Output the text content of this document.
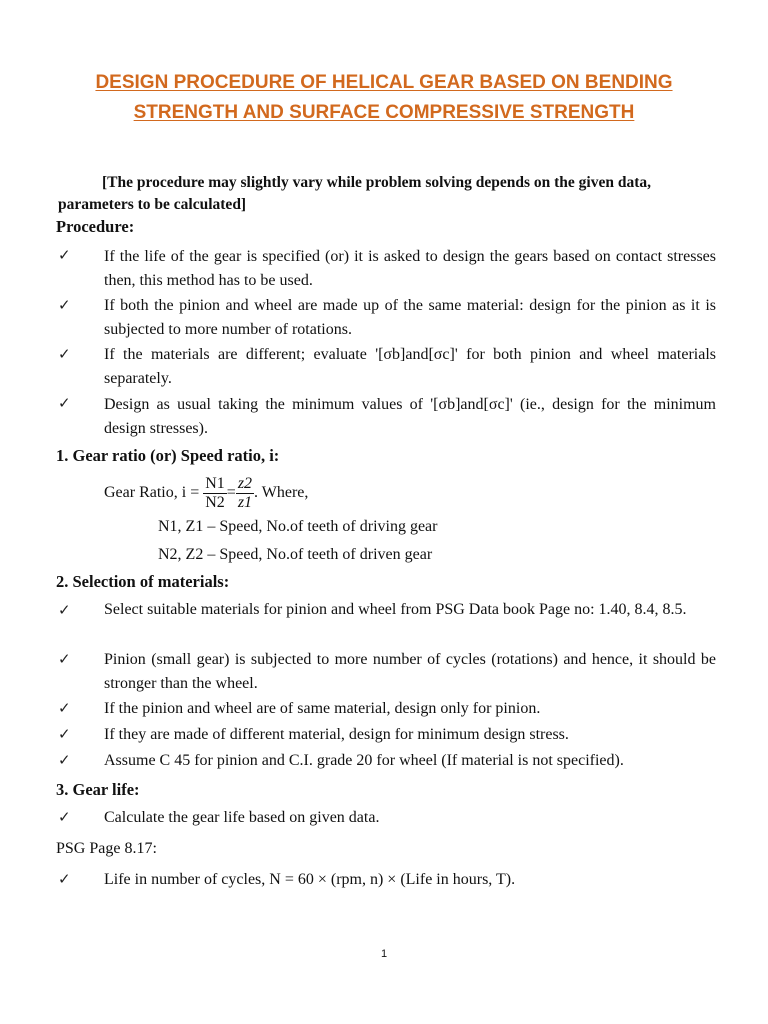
DESIGN PROCEDURE OF HELICAL GEAR BASED ON BENDING
STRENGTH AND SURFACE COMPRESSIVE STRENGTH
[The procedure may slightly vary while problem solving depends on the given data, parameters to be calculated]
Procedure:
✓ If the life of the gear is specified (or) it is asked to design the gears based on contact stresses then, this method has to be used.
✓ If both the pinion and wheel are made up of the same material: design for the pinion as it is subjected to more number of rotations.
✓ If the materials are different; evaluate '[σb]and[σc]' for both pinion and wheel materials separately.
✓ Design as usual taking the minimum values of '[σb]and[σc]' (ie., design for the minimum design stresses).
1. Gear ratio (or) Speed ratio, i:
Gear Ratio, $i = \frac{N1}{N2} = \frac{z2}{z1}$ . Where,
N1, Z1 – Speed, No.of teeth of driving gear
N2, Z2 – Speed, No.of teeth of driven gear
2. Selection of materials:
✓ Select suitable materials for pinion and wheel from PSG Data book Page no: 1.40, 8.4, 8.5.
✓ Pinion (small gear) is subjected to more number of cycles (rotations) and hence, it should be stronger than the wheel.
✓ If the pinion and wheel are of same material, design only for pinion.
✓ If they are made of different material, design for minimum design stress.
✓ Assume C 45 for pinion and C.I. grade 20 for wheel (If material is not specified).
3. Gear life:
✓ Calculate the gear life based on given data.
PSG Page 8.17:
✓ Life in number of cycles, N = 60 × (rpm, n) × (Life in hours, T).
1
